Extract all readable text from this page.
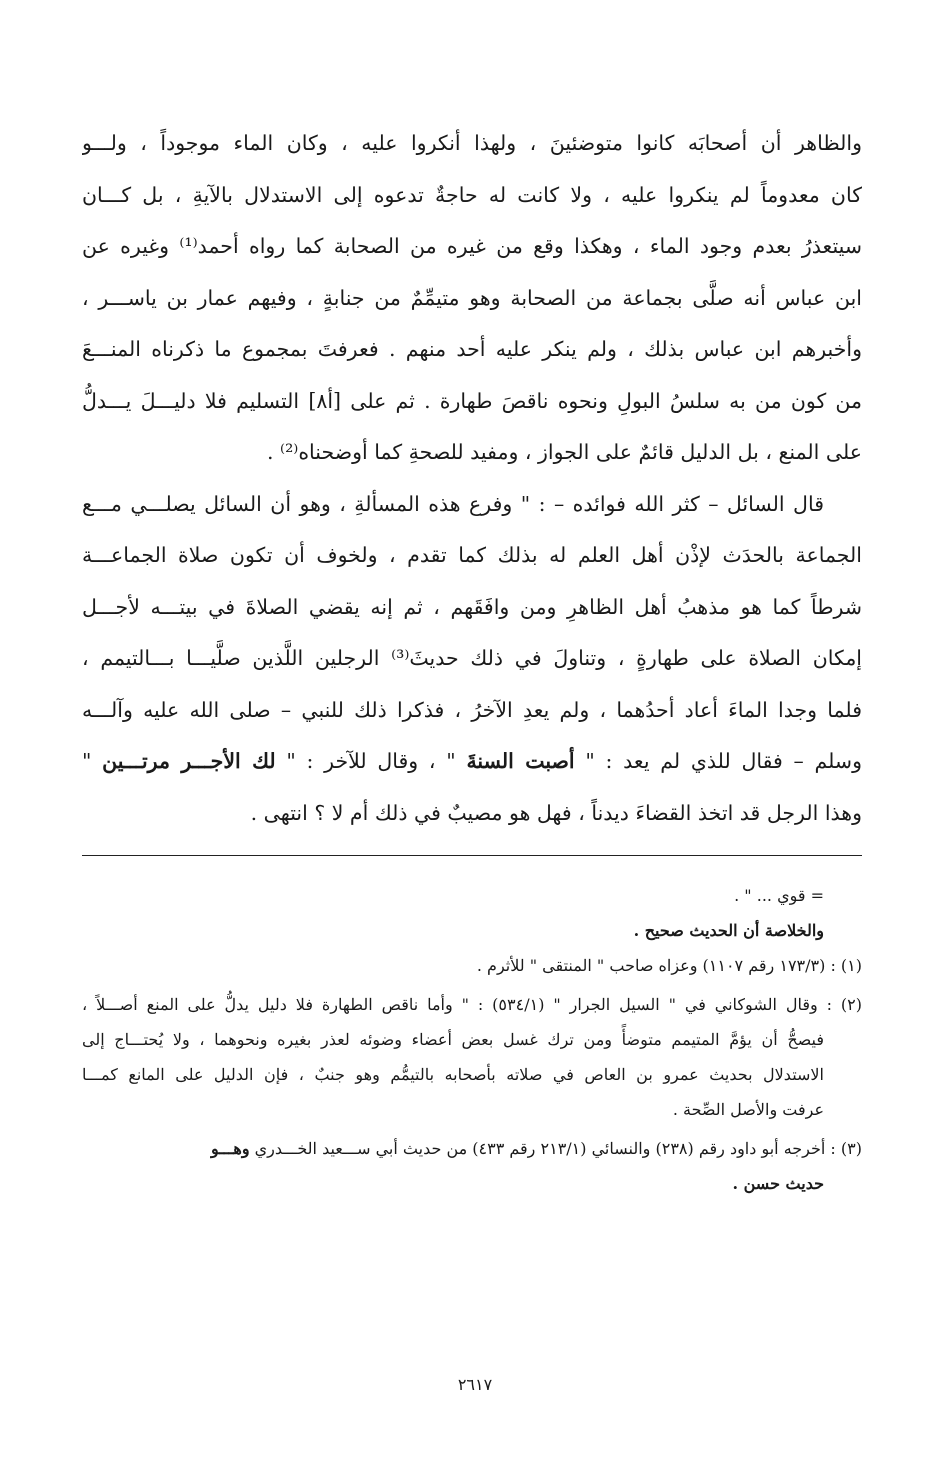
والظاهر أن أصحابَه كانوا متوضئينَ ، ولهذا أنكروا عليه ، وكان الماء موجوداً ، ولـــو
كان معدوماً لم ينكروا عليه ، ولا كانت له حاجةٌ تدعوه إلى الاستدلال بالآيةِ ، بل كـــان
سيتعذرُ بعدم وجود الماء ، وهكذا وقع من غيره من الصحابة كما رواه أحمد⁽¹⁾ وغيره عن
ابن عباس أنه صلَّى بجماعة من الصحابة وهو متيمِّمٌ من جنابةٍ ، وفيهم عمار بن ياســـر ،
وأخبرهم ابن عباس بذلك ، ولم ينكر عليه أحد منهم . فعرفتَ بمجموع ما ذكرناه المنـــعَ
من كون من به سلسُ البولِ ونحوه ناقصَ طهارة . ثم على [أ٨] التسليم فلا دليـــلَ يـــدلُّ
على المنع ، بل الدليل قائمٌ على الجواز ، ومفيد للصحةِ كما أوضحناه⁽²⁾ .
قال السائل – كثر الله فوائده – : " وفرع هذه المسألةِ ، وهو أن السائل يصلـــي مـــع
الجماعة بالحدَث لإذْن أهل العلم له بذلك كما تقدم ، ولخوف أن تكون صلاة الجماعـــة
شرطاً كما هو مذهبُ أهل الظاهرِ ومن وافَقَهم ، ثم إنه يقضي الصلاةَ في بيتـــه لأجـــل
إمكان الصلاة على طهارةٍ ، وتناولَ في ذلك حديثَ⁽³⁾ الرجلين اللَّذين صلَّيـــا بـــالتيمم ،
فلما وجدا الماءَ أعاد أحدُهما ، ولم يعدِ الآخرُ ، فذكرا ذلك للنبي – صلى الله عليه وآلـــه
وسلم – فقال للذي لم يعد : " أصبت السنةَ " ، وقال للآخر : " لك الأجـــر مرتـــين "
وهذا الرجل قد اتخذ القضاءَ ديدناً ، فهل هو مصيبٌ في ذلك أم لا ؟ انتهى .
= قوي ... " .
والخلاصة أن الحديث صحيح .
(١) : (١٧٣/٣ رقم ١١٠٧) وعزاه صاحب " المنتقى " للأثرم .
(٢) : وقال الشوكاني في " السيل الجرار " (٥٣٤/١) : " وأما ناقص الطهارة فلا دليل يدلُّ على المنع أصـــلاً ،
فيصحُّ أن يؤمَّ المتيمم متوضأً ومن ترك غسل بعض أعضاء وضوئه لعذر بغيره ونحوهما ، ولا يُحتـــاج إلى
الاستدلال بحديث عمرو بن العاص في صلاته بأصحابه بالتيمُّم وهو جنبٌ ، فإن الدليل على المانع كمـــا
عرفت والأصل الصِّحة .
(٣) : أخرجه أبو داود رقم (٢٣٨) والنسائي (٢١٣/١ رقم ٤٣٣) من حديث أبي ســـعيد الخـــدري وهـــو
حديث حسن .
٢٦١٧
